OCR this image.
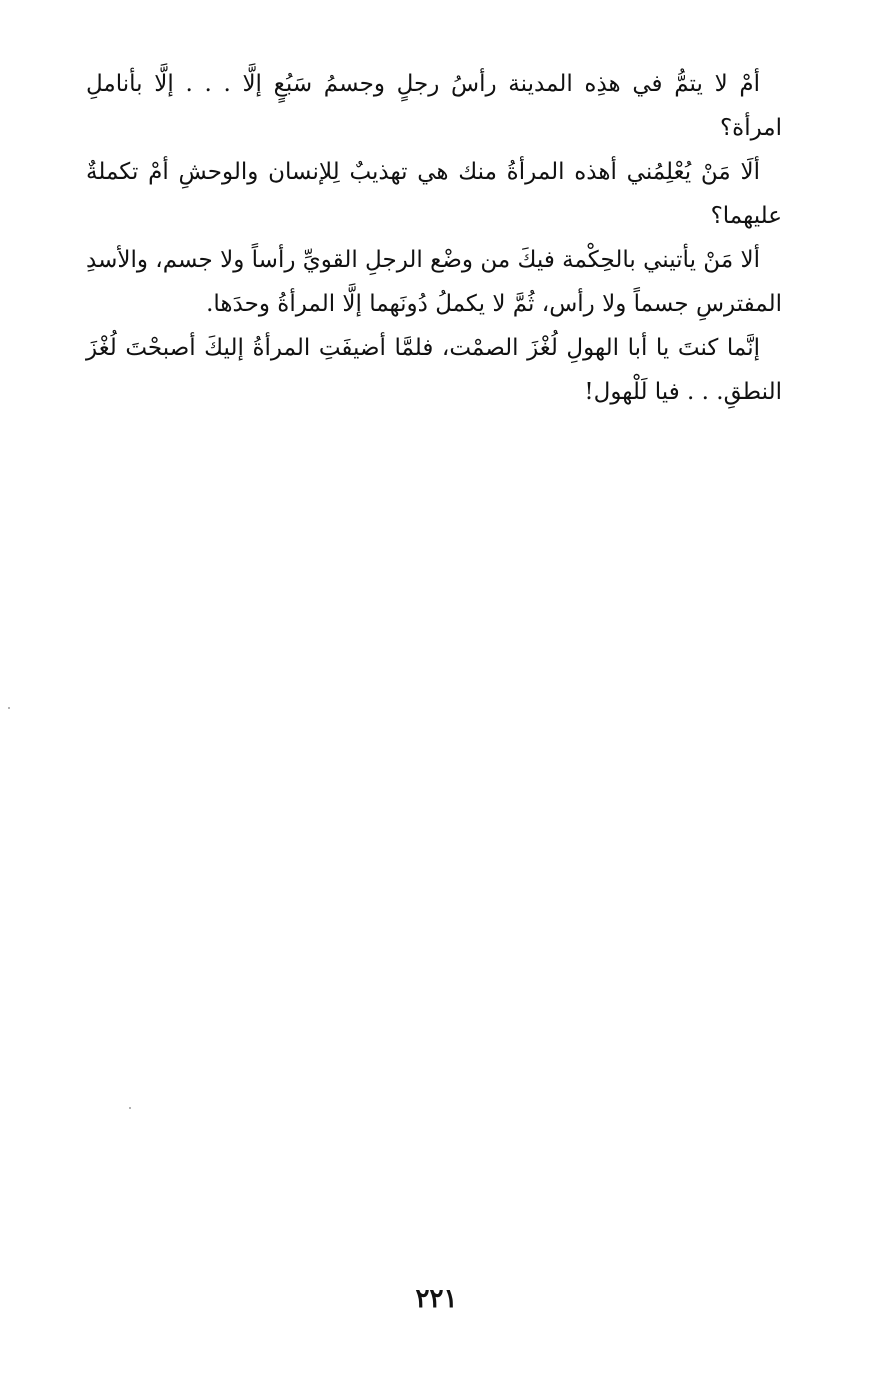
أمْ لا يتمُّ في هذِه المدينة رأسُ رجلٍ وجسمُ سَبُعٍ إلَّا . . . إلَّا بأناملِ امرأة؟

ألَا مَنْ يُعْلِمُني أهذه المرأةُ منك هي تهذيبٌ لِلإنسان والوحشِ أمْ تكملةٌ عليهما؟

ألا مَنْ يأتيني بالحِكْمة فيكَ من وضْع الرجلِ القويِّ رأساً ولا جسم، والأسدِ المفترسِ جسماً ولا رأس، ثُمَّ لا يكملُ دُونَهما إلَّا المرأةُ وحدَها.

إنَّما كنتَ يا أبا الهولِ لُغْزَ الصمْت، فلمَّا أضيفَتِ المرأةُ إليكَ أصبحْتَ لُغْزَ النطقِ. . . فيا لَلْهول!

٢٢١
